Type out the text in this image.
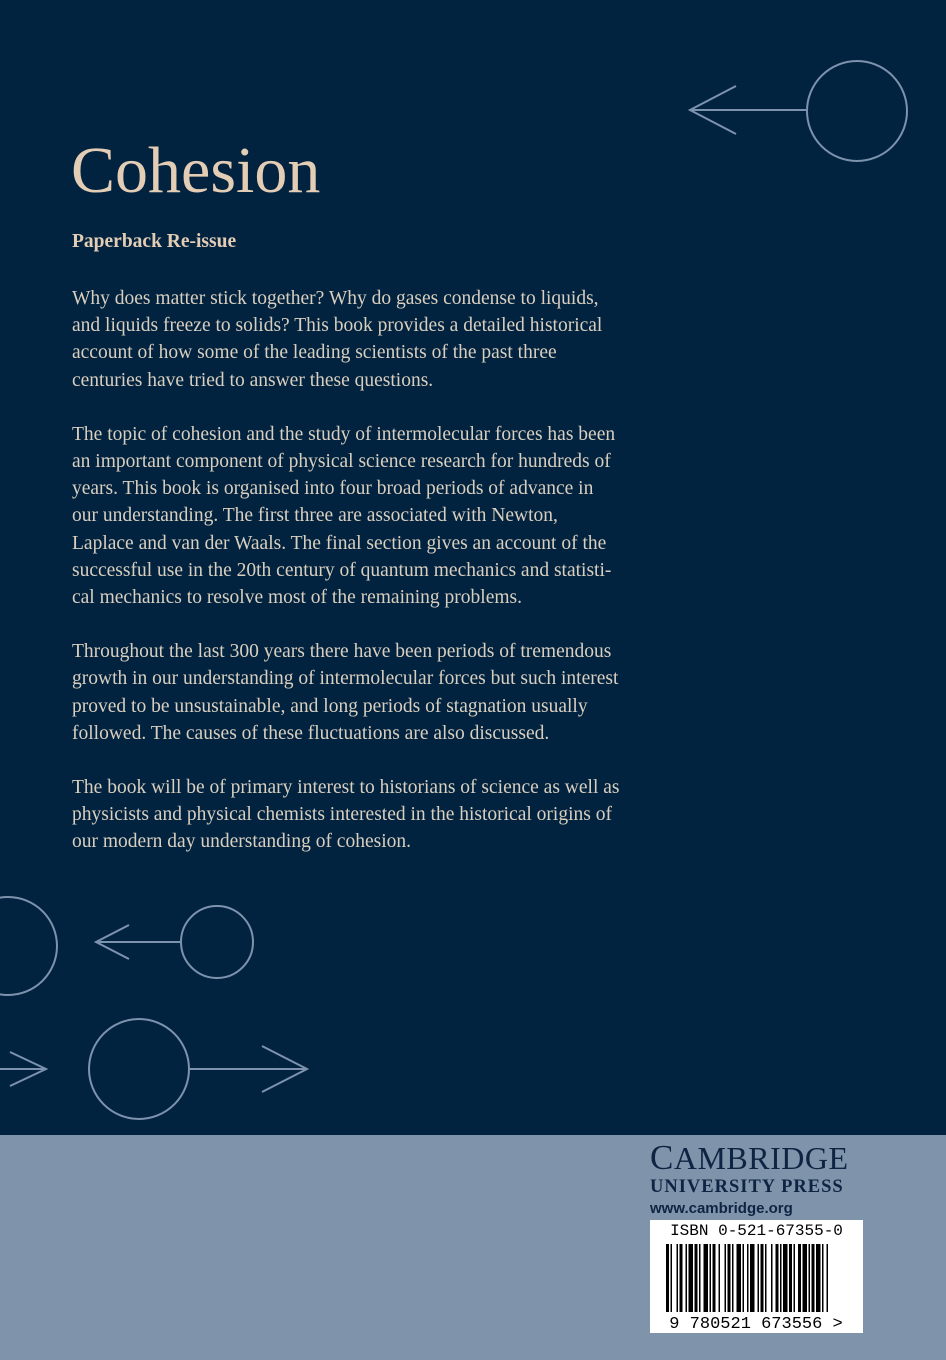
Cohesion
Paperback Re-issue

Why does matter stick together? Why do gases condense to liquids,
and liquids freeze to solids? This book provides a detailed historical
account of how some of the leading scientists of the past three
centuries have tried to answer these questions.

The topic of cohesion and the study of intermolecular forces has been
an important component of physical science research for hundreds of
years. This book is organised into four broad periods of advance in
our understanding. The first three are associated with Newton,
Laplace and van der Waals. The final section gives an account of the
successful use in the 20th century of quantum mechanics and statisti-
cal mechanics to resolve most of the remaining problems.

Throughout the last 300 years there have been periods of tremendous
growth in our understanding of intermolecular forces but such interest
proved to be unsustainable, and long periods of stagnation usually
followed. The causes of these fluctuations are also discussed.

The book will be of primary interest to historians of science as well as
physicists and physical chemists interested in the historical origins of
our modern day understanding of cohesion.

CAMBRIDGE
UNIVERSITY PRESS
www.cambridge.org
ISBN 0-521-67355-0
9 780521 673556 >
